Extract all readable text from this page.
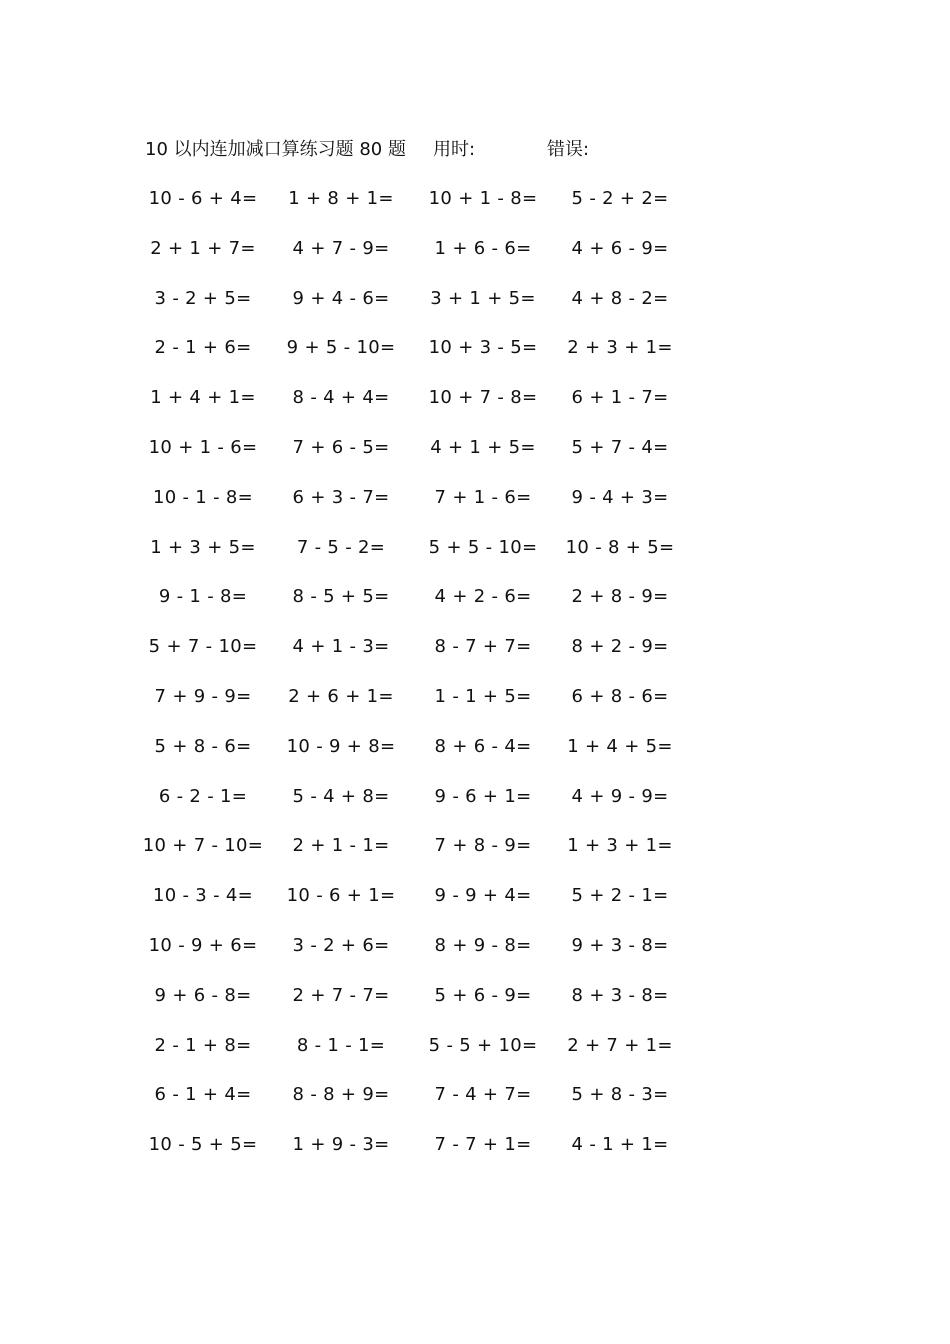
10 以内连加减口算练习题 80 题 用时:	错误:
10 - 6 + 4=	1 + 8 + 1=	10 + 1 - 8=	5 - 2 + 2=
2 + 1 + 7=	4 + 7 - 9=	1 + 6 - 6=	4 + 6 - 9=
3 - 2 + 5=	9 + 4 - 6=	3 + 1 + 5=	4 + 8 - 2=
2 - 1 + 6=	9 + 5 - 10=	10 + 3 - 5=	2 + 3 + 1=
1 + 4 + 1=	8 - 4 + 4=	10 + 7 - 8=	6 + 1 - 7=
10 + 1 - 6=	7 + 6 - 5=	4 + 1 + 5=	5 + 7 - 4=
10 - 1 - 8=	6 + 3 - 7=	7 + 1 - 6=	9 - 4 + 3=
1 + 3 + 5=	7 - 5 - 2=	5 + 5 - 10=	10 - 8 + 5=
9 - 1 - 8=	8 - 5 + 5=	4 + 2 - 6=	2 + 8 - 9=
5 + 7 - 10=	4 + 1 - 3=	8 - 7 + 7=	8 + 2 - 9=
7 + 9 - 9=	2 + 6 + 1=	1 - 1 + 5=	6 + 8 - 6=
5 + 8 - 6=	10 - 9 + 8=	8 + 6 - 4=	1 + 4 + 5=
6 - 2 - 1=	5 - 4 + 8=	9 - 6 + 1=	4 + 9 - 9=
10 + 7 - 10=	2 + 1 - 1=	7 + 8 - 9=	1 + 3 + 1=
10 - 3 - 4=	10 - 6 + 1=	9 - 9 + 4=	5 + 2 - 1=
10 - 9 + 6=	3 - 2 + 6=	8 + 9 - 8=	9 + 3 - 8=
9 + 6 - 8=	2 + 7 - 7=	5 + 6 - 9=	8 + 3 - 8=
2 - 1 + 8=	8 - 1 - 1=	5 - 5 + 10=	2 + 7 + 1=
6 - 1 + 4=	8 - 8 + 9=	7 - 4 + 7=	5 + 8 - 3=
10 - 5 + 5=	1 + 9 - 3=	7 - 7 + 1=	4 - 1 + 1=
